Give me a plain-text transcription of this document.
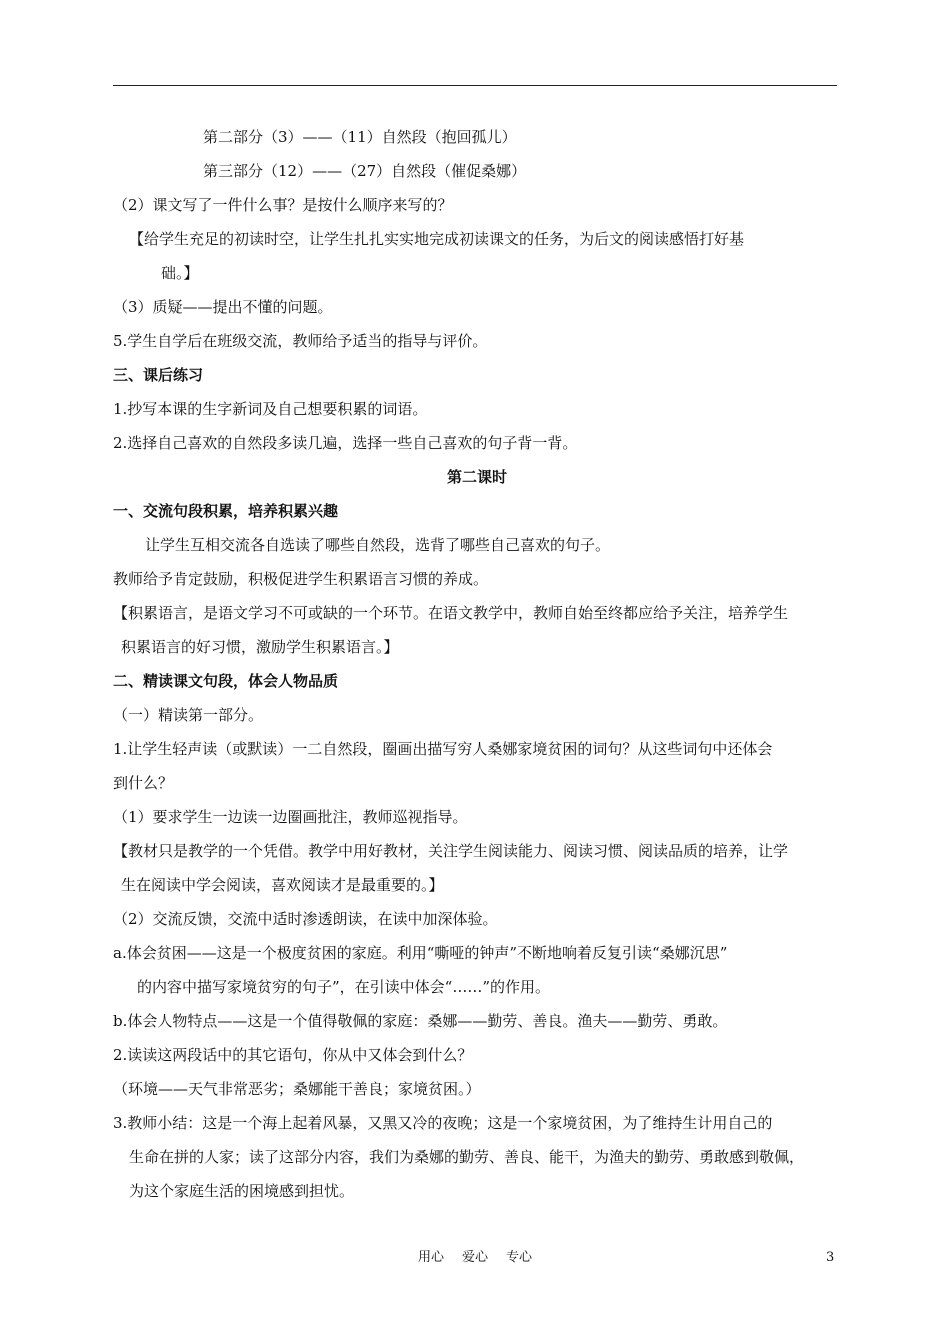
第二部分（3）——（11）自然段（抱回孤儿）
第三部分（12）——（27）自然段（催促桑娜）
（2）课文写了一件什么事？是按什么顺序来写的？
【给学生充足的初读时空，让学生扎扎实实地完成初读课文的任务，为后文的阅读感悟打好基
础。】
（3）质疑——提出不懂的问题。
5.学生自学后在班级交流，教师给予适当的指导与评价。
三、课后练习
1.抄写本课的生字新词及自己想要积累的词语。
2.选择自己喜欢的自然段多读几遍，选择一些自己喜欢的句子背一背。
第二课时
一、交流句段积累，培养积累兴趣
让学生互相交流各自选读了哪些自然段，选背了哪些自己喜欢的句子。
教师给予肯定鼓励，积极促进学生积累语言习惯的养成。
【积累语言，是语文学习不可或缺的一个环节。在语文教学中，教师自始至终都应给予关注，培养学生
积累语言的好习惯，激励学生积累语言。】
二、精读课文句段，体会人物品质
（一）精读第一部分。
1.让学生轻声读（或默读）一二自然段，圈画出描写穷人桑娜家境贫困的词句？从这些词句中还体会
到什么？
（1）要求学生一边读一边圈画批注，教师巡视指导。
【教材只是教学的一个凭借。教学中用好教材，关注学生阅读能力、阅读习惯、阅读品质的培养，让学
生在阅读中学会阅读，喜欢阅读才是最重要的。】
（2）交流反馈，交流中适时渗透朗读，在读中加深体验。
a.体会贫困——这是一个极度贫困的家庭。利用“嘶哑的钟声”不断地响着反复引读“桑娜沉思”
的内容中描写家境贫穷的句子”，在引读中体会“……”的作用。
b.体会人物特点——这是一个值得敬佩的家庭：桑娜——勤劳、善良。渔夫——勤劳、勇敢。
2.读读这两段话中的其它语句，你从中又体会到什么？
（环境——天气非常恶劣；桑娜能干善良；家境贫困。）
3.教师小结：这是一个海上起着风暴，又黑又冷的夜晚；这是一个家境贫困，为了维持生计用自己的
生命在拼的人家；读了这部分内容，我们为桑娜的勤劳、善良、能干，为渔夫的勤劳、勇敢感到敬佩，
为这个家庭生活的困境感到担忧。
用心 爱心 专心	3
